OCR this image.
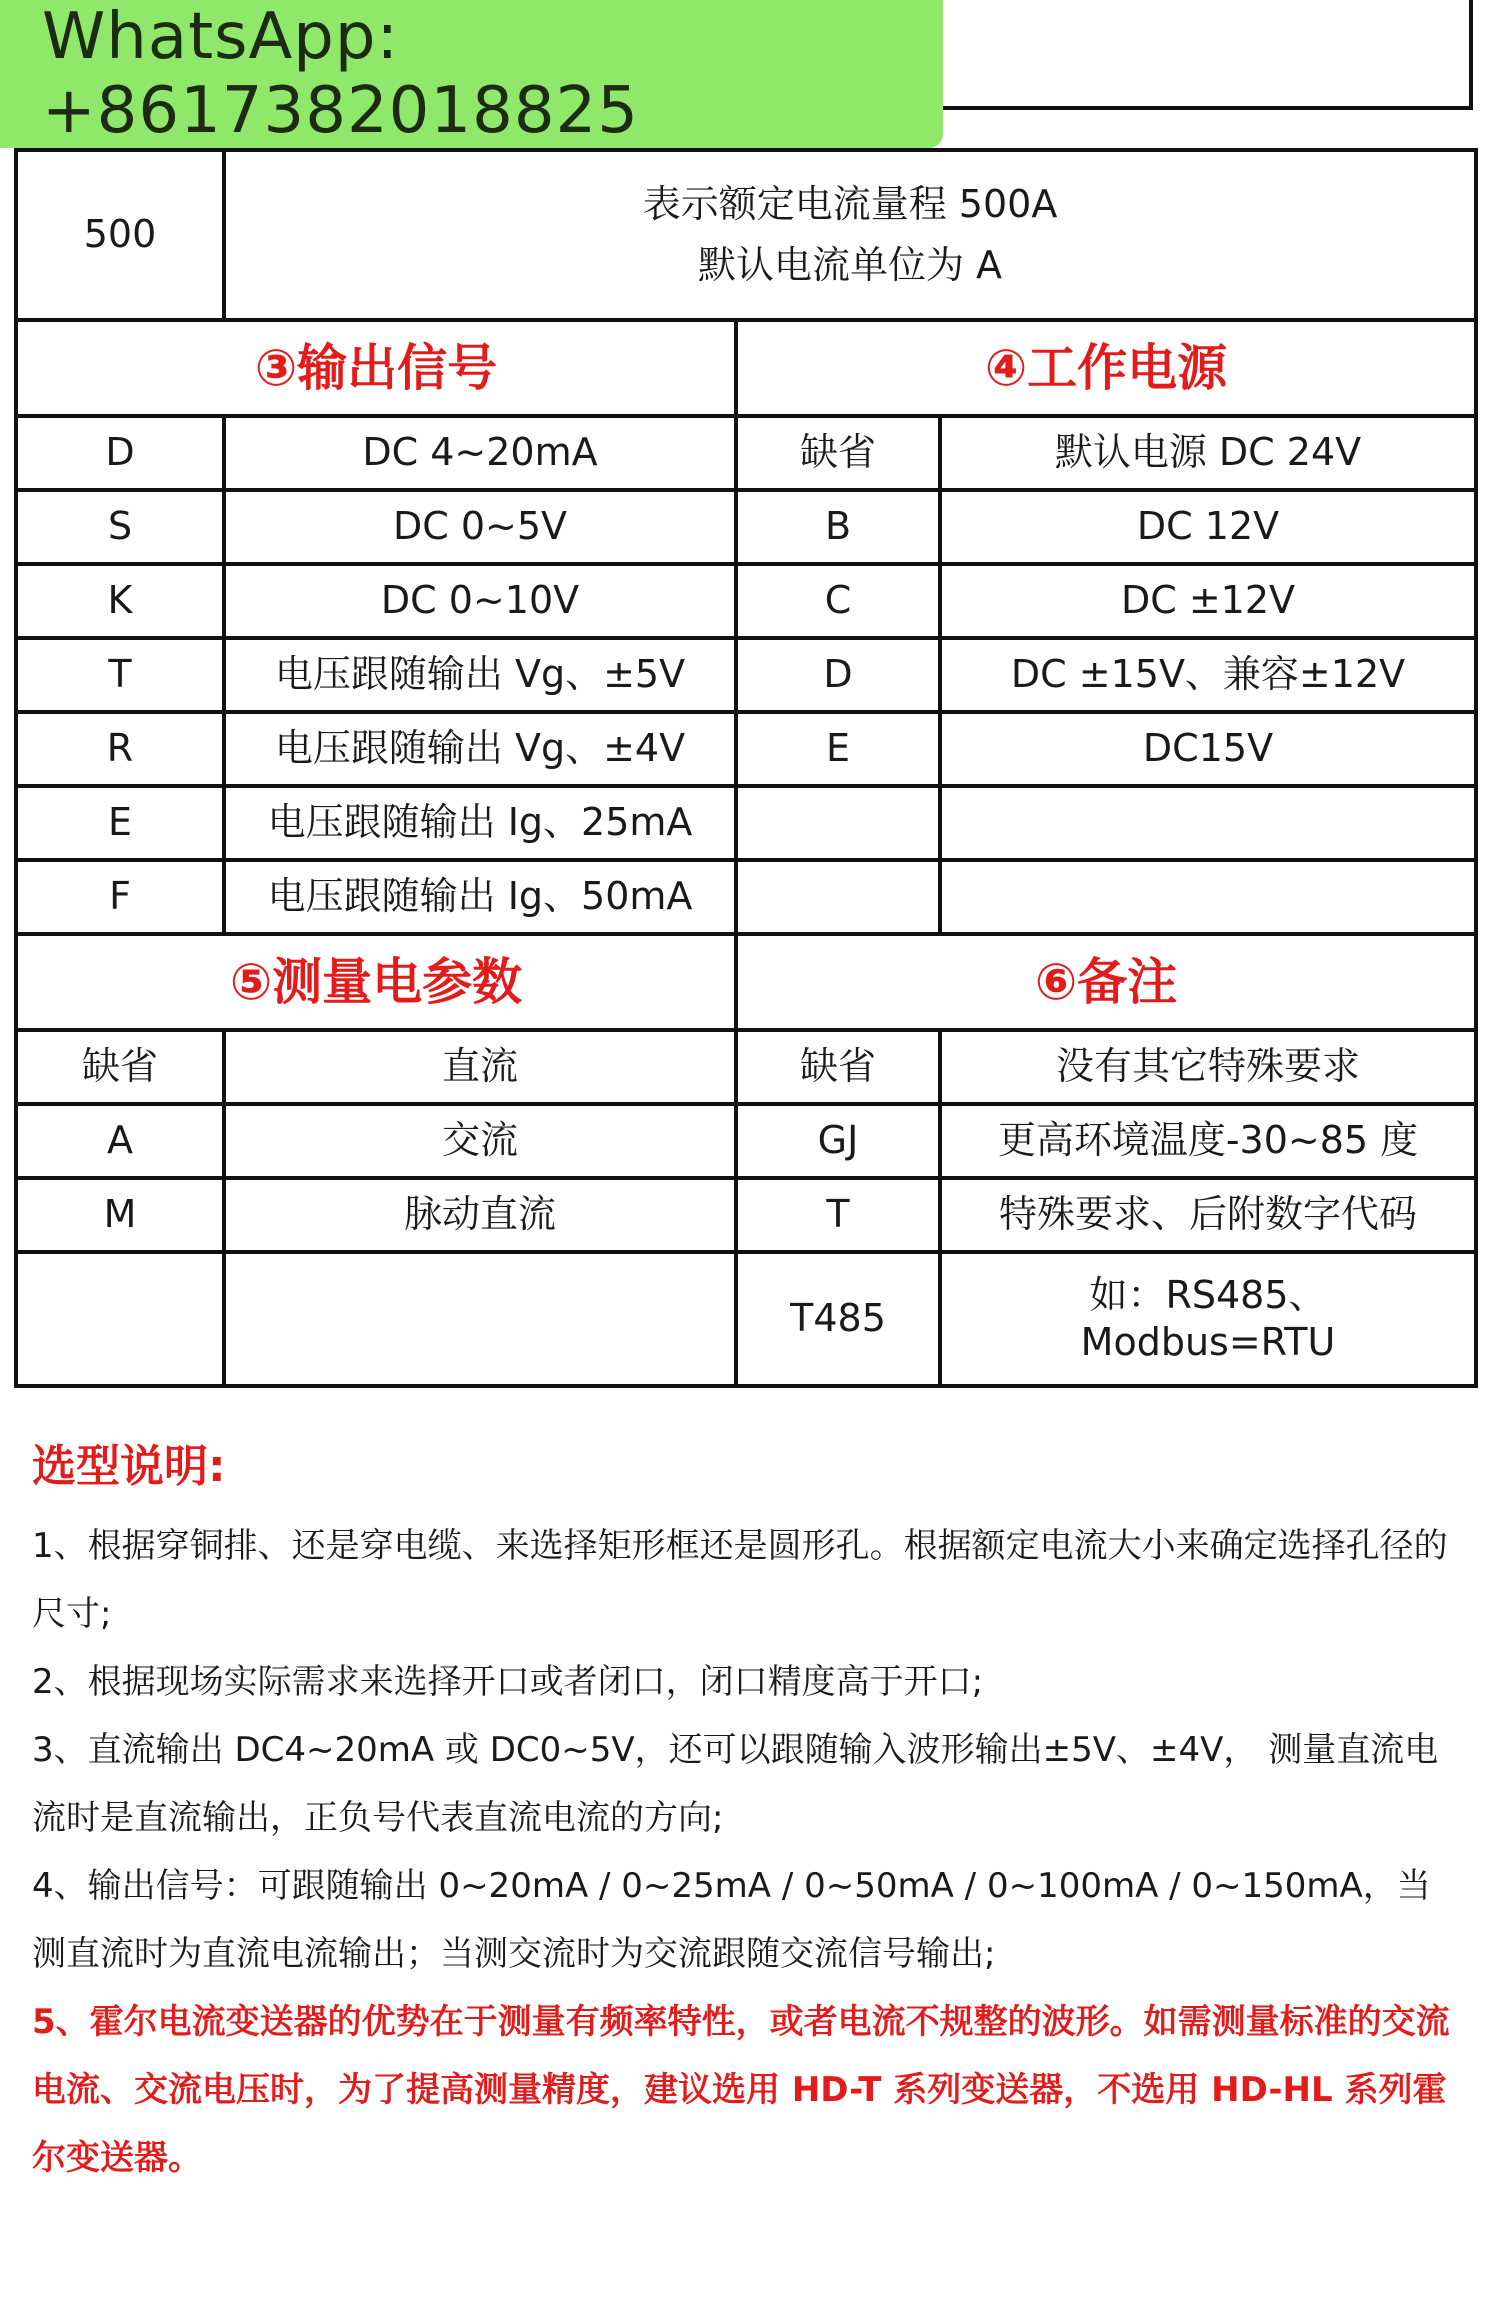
WhatsApp: +8617382018825
500	表示额定电流量程 500A
默认电流单位为 A		

③输出信号		④工作电源	
D	DC 4~20mA	缺省	默认电源 DC 24V
S	DC 0~5V	B	DC 12V
K	DC 0~10V	C	DC ±12V
T	电压跟随输出 Vg、±5V	D	DC ±15V、兼容±12V
R	电压跟随输出 Vg、±4V	E	DC15V
E	电压跟随输出 Ig、25mA		
F	电压跟随输出 Ig、50mA		
⑤测量电参数		⑥备注	
缺省	直流	缺省	没有其它特殊要求
A	交流	GJ	更高环境温度-30~85 度
M	脉动直流	T	特殊要求、后附数字代码
		T485	如：RS485、
Modbus=RTU
选型说明:

1、根据穿铜排、还是穿电缆、来选择矩形框还是圆形孔。根据额定电流大小来确定选择孔径的尺寸;

2、根据现场实际需求来选择开口或者闭口，闭口精度高于开口;

3、直流输出 DC4~20mA 或 DC0~5V，还可以跟随输入波形输出±5V、±4V， 测量直流电流时是直流输出，正负号代表直流电流的方向;

4、输出信号：可跟随输出 0~20mA / 0~25mA / 0~50mA / 0~100mA / 0~150mA，当测直流时为直流电流输出；当测交流时为交流跟随交流信号输出;

5、霍尔电流变送器的优势在于测量有频率特性，或者电流不规整的波形。如需测量标准的交流电流、交流电压时，为了提高测量精度，建议选用 HD-T 系列变送器，不选用 HD-HL 系列霍尔变送器。
